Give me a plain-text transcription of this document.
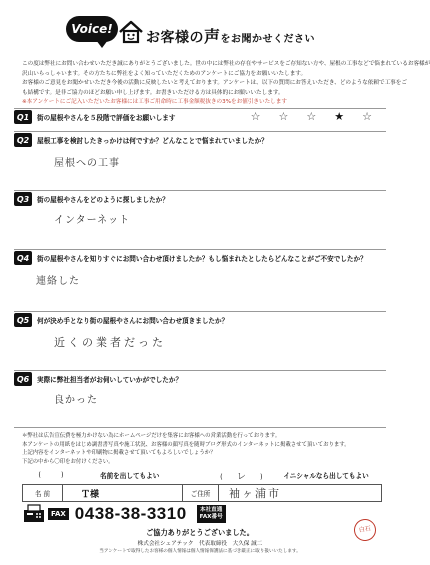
Voice!
お客様の声をお聞かせください

この度は弊社にお問い合わせいただき誠にありがとうございました。世の中には弊社の存在やサービスをご存知ない方や、屋根の工事などで悩まれているお客様が

沢山いらっしゃいます。その方たちに弊社をよく知っていただくためのアンケートにご協力をお願いいたします。

お客様のご意見をお聞かせいただき今後の活動に反映したいと考えております。アンケートは、以下の質問にお答えいただき、どのような依頼で工事をご

も結構です。是非ご協力のほどお願い申し上げます。お書きいただける方は具体的にお願いいたします。

※本アンケートにご記入いただいたお客様には工事ご用命時に工事金額税抜きの3%をお値引きいたします

Q1	街の屋根やさんを５段階で評価をお願いします	☆ ☆ ☆ ★ ☆
Q2	屋根工事を検討したきっかけは何ですか？どんなことで悩まれていましたか？
屋根への工事
Q3	街の屋根やさんをどのように探しましたか？
インターネット
Q4	街の屋根やさんを知りすぐにお問い合わせ頂けましたか？もし悩まれたとしたらどんなことがご不安でしたか？
連絡した
Q5	何が決め手となり街の屋根やさんにお問い合わせ頂きましたか？
近くの業者だった
Q6	実際に弊社担当者がお伺いしていかがでしたか？
良かった

＊弊社は広告宣伝費を極力かけない為にホームページだけを集客にお客様への営業活動を行っております。

本アンケートの用紙をはじめ調書書写真や施工状況、お客様の顔写真を随時ブログ形式のインターネットに掲載させて頂いております。

上記内容をインターネットや印刷物に掲載させて頂いてもよろしいでしょうか？

下記の中から〇印をお付けください。

()	名前を出してもよい	( レ )	イニシャルなら出してもよい
名 前	Ｔ様	ご住所	袖ヶ浦市
FAX 0438-38-3310 本社直通
FAX番号
白石
ご協力ありがとうございました。
株式会社シェアテック　代表取締役　大久保 誠二
当アンケートで取得したお客様の個人情報は個人情報保護法に基づき厳正に取り扱いいたします。
